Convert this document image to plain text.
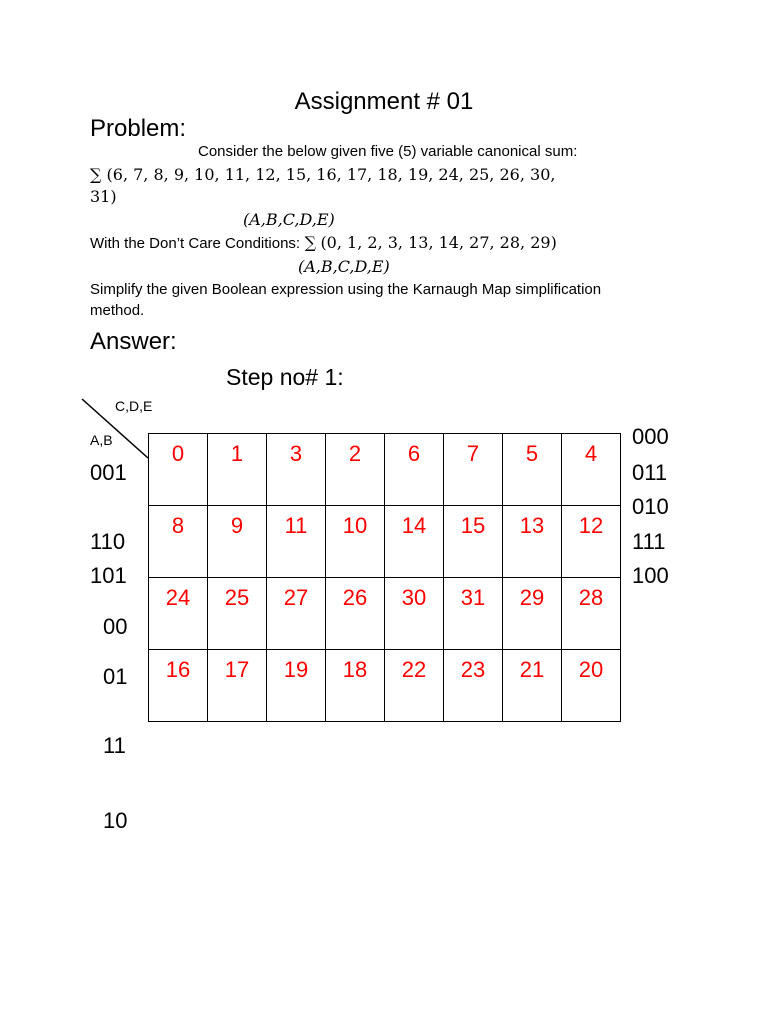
Assignment # 01
Problem:
Consider the below given five (5) variable canonical sum:
∑ (6, 7, 8, 9, 10, 11, 12, 15, 16, 17, 18, 19, 24, 25, 26, 30,
31)
(A,B,C,D,E)
With the Don’t Care Conditions: ∑ (0, 1, 2, 3, 13, 14, 27, 28, 29)
(A,B,C,D,E)
Simplify the given Boolean expression using the Karnaugh Map simplification
method.
Answer:
Step no# 1:
C,D,E
A,B
001
110
101
00
01
11
10
000
011
010
111
100
0	1	3	2	6	7	5	4
8	9	11	10	14	15	13	12
24	25	27	26	30	31	29	28
16	17	19	18	22	23	21	20
